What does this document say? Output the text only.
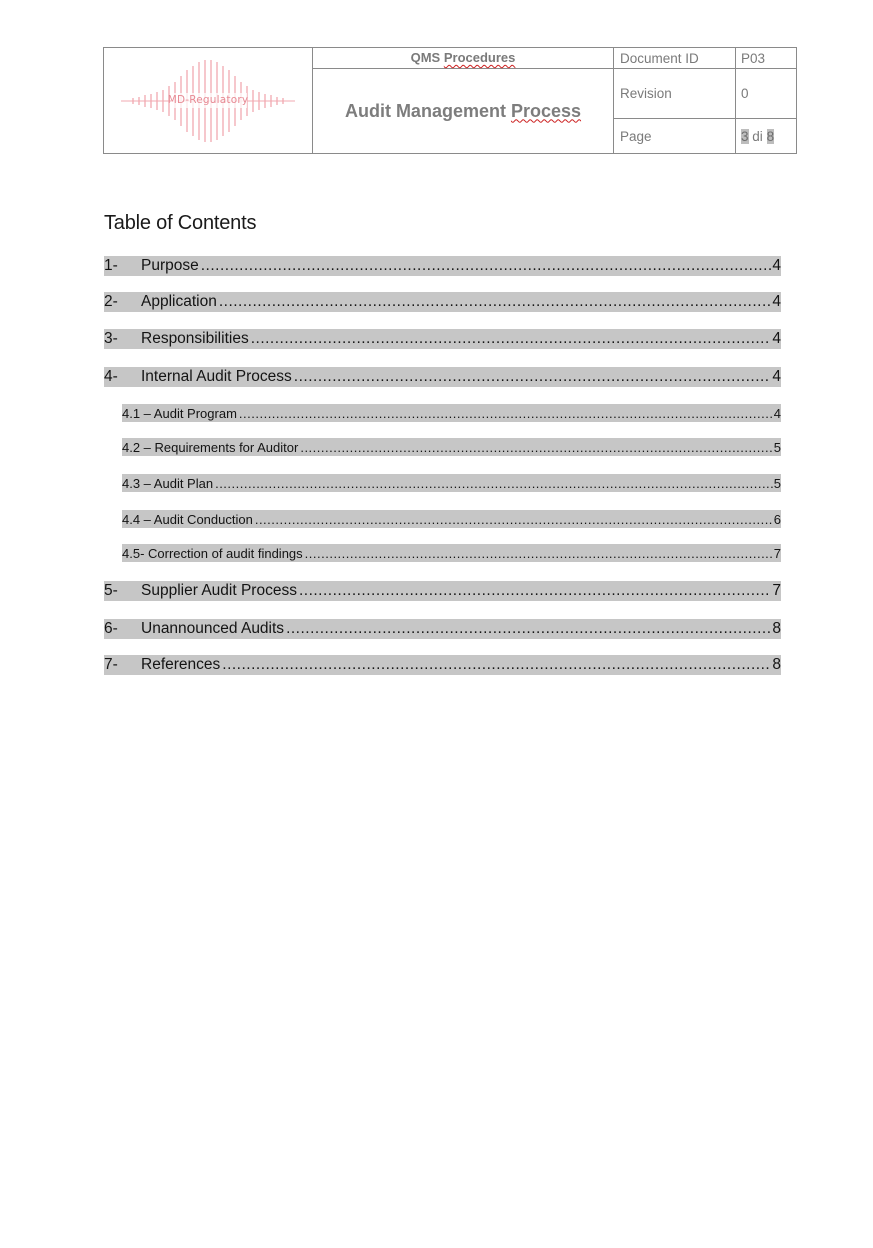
MD-Regulatory	QMS Procedures	Document ID	P03
	Audit Management Process	Revision	0
		Page	3 di 8
Table of Contents
1-	Purpose .....	4
2-	Application .....	4
3-	Responsibilities .....	4
4-	Internal Audit Process .....	4
4.1 – Audit Program .....	4
4.2 – Requirements for Auditor .....	5
4.3 – Audit Plan .....	5
4.4 – Audit Conduction .....	6
4.5- Correction of audit findings .....	7
5-	Supplier Audit Process .....	7
6-	Unannounced Audits .....	8
7-	References .....	8
